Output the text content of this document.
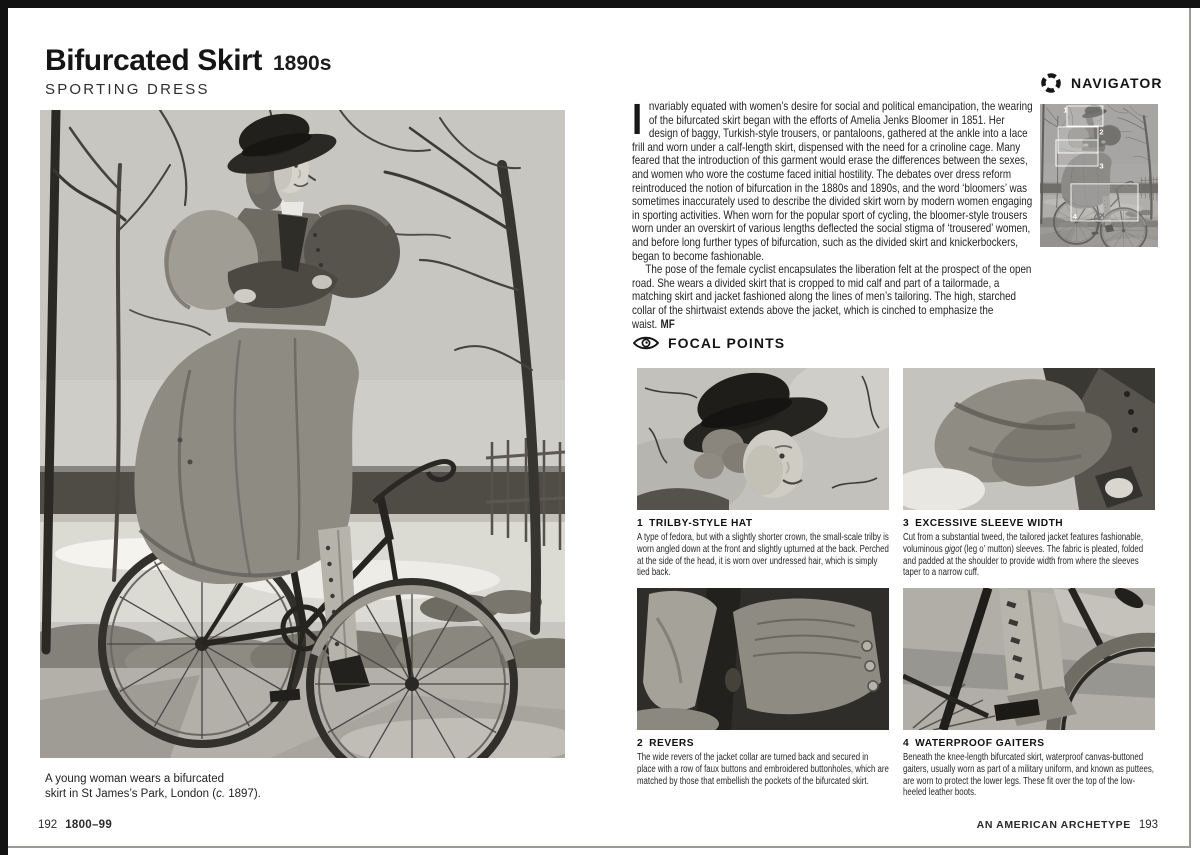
Bifurcated Skirt 1890s
SPORTING DRESS
A young woman wears a bifurcated
skirt in St James’s Park, London (c. 1897).
192 1800–99

Invariably equated with women’s desire for social and political emancipation, the wearing of the bifurcated skirt began with the efforts of Amelia Jenks Bloomer in 1851. Her design of baggy, Turkish-style trousers, or pantaloons, gathered at the ankle into a lace frill and worn under a calf-length skirt, dispensed with the need for a crinoline cage. Many feared that the introduction of this garment would erase the differences between the sexes, and women who wore the costume faced initial hostility. The debates over dress reform reintroduced the notion of bifurcation in the 1880s and 1890s, and the word ‘bloomers’ was sometimes inaccurately used to describe the divided skirt worn by modern women engaging in sporting activities. When worn for the popular sport of cycling, the bloomer-style trousers worn under an overskirt of various lengths deflected the social stigma of ‘trousered’ women, and before long further types of bifurcation, such as the divided skirt and knickerbockers, began to become fashionable.

The pose of the female cyclist encapsulates the liberation felt at the prospect of the open road. She wears a divided skirt that is cropped to mid calf and part of a tailormade, a matching skirt and jacket fashioned along the lines of men’s tailoring. The high, starched collar of the shirtwaist extends above the jacket, which is cinched to emphasize the waist. MF

NAVIGATOR
1
2
3
4
FOCAL POINTS
1 TRILBY-STYLE HAT
A type of fedora, but with a slightly shorter crown, the small-scale trilby is worn angled down at the front and slightly upturned at the back. Perched at the side of the head, it is worn over undressed hair, which is simply tied back.
3 EXCESSIVE SLEEVE WIDTH
Cut from a substantial tweed, the tailored jacket features fashionable, voluminous gigot (leg o’ mutton) sleeves. The fabric is pleated, folded and padded at the shoulder to provide width from where the sleeves taper to a narrow cuff.
2 REVERS
The wide revers of the jacket collar are turned back and secured in place with a row of faux buttons and embroidered buttonholes, which are matched by those that embellish the pockets of the bifurcated skirt.
4 WATERPROOF GAITERS
Beneath the knee-length bifurcated skirt, waterproof canvas-buttoned gaiters, usually worn as part of a military uniform, and known as puttees, are worn to protect the lower legs. These fit over the top of the low-heeled leather boots.
AN AMERICAN ARCHETYPE 193
